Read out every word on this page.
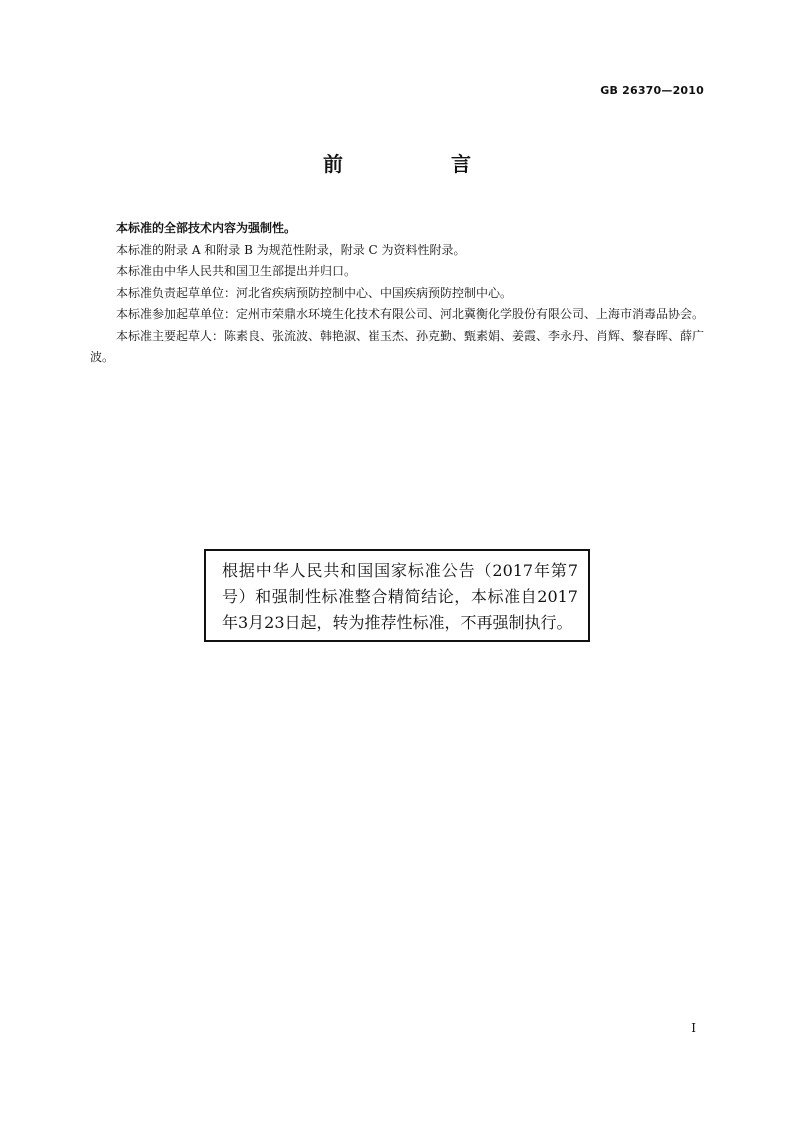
GB 26370—2010
前　言

本标准的全部技术内容为强制性。

本标准的附录 A 和附录 B 为规范性附录，附录 C 为资料性附录。

本标准由中华人民共和国卫生部提出并归口。

本标准负责起草单位：河北省疾病预防控制中心、中国疾病预防控制中心。

本标准参加起草单位：定州市荣鼎水环境生化技术有限公司、河北冀衡化学股份有限公司、上海市消毒品协会。

本标准主要起草人：陈素良、张流波、韩艳淑、崔玉杰、孙克勤、甄素娟、姜霞、李永丹、肖辉、黎春晖、薛广波。

根据中华人民共和国国家标准公告（2017年第7号）和强制性标准整合精简结论，本标准自2017年3月23日起，转为推荐性标准，不再强制执行。
I
